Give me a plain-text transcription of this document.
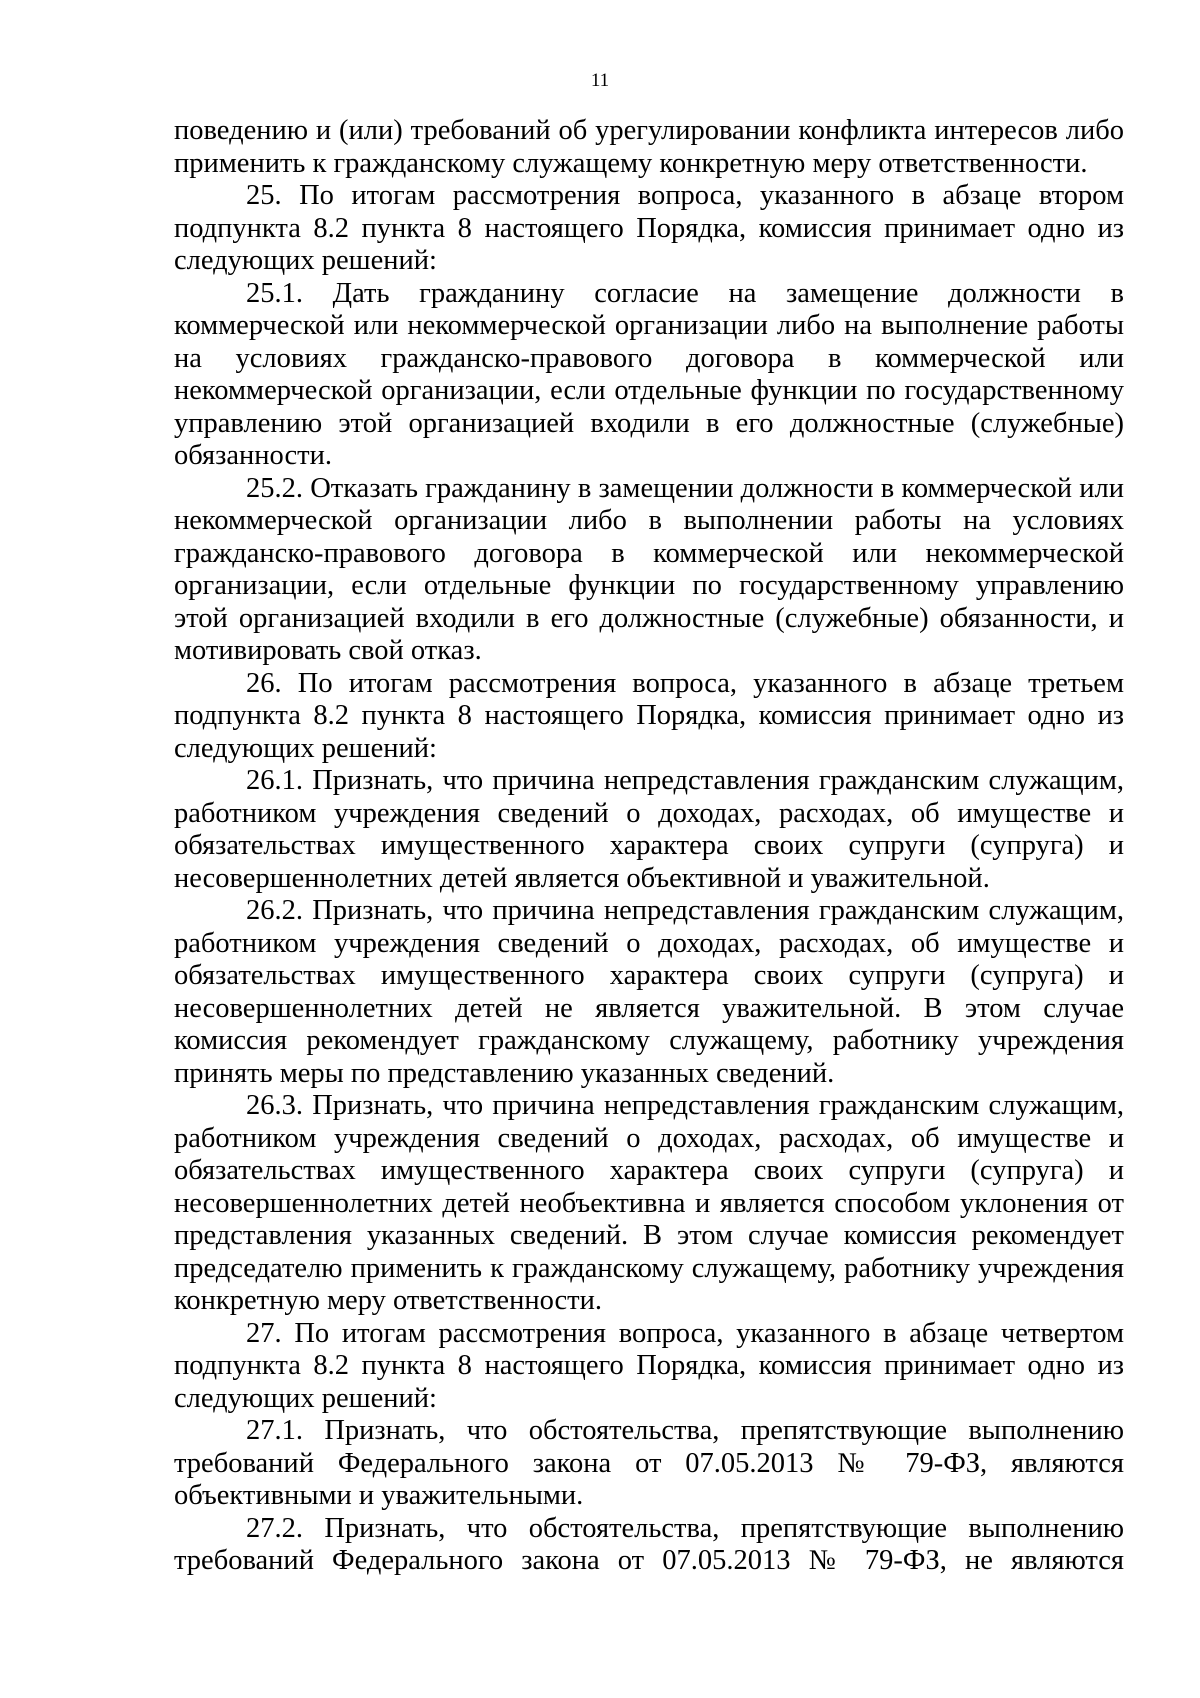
11

поведению и (или) требований об урегулировании конфликта интересов либо применить к гражданскому служащему конкретную меру ответственности.

25. По итогам рассмотрения вопроса, указанного в абзаце втором подпункта 8.2 пункта 8 настоящего Порядка, комиссия принимает одно из следующих решений:

25.1. Дать гражданину согласие на замещение должности в коммерческой или некоммерческой организации либо на выполнение работы на условиях гражданско-правового договора в коммерческой или некоммерческой организации, если отдельные функции по государственному управлению этой организацией входили в его должностные (служебные) обязанности.

25.2. Отказать гражданину в замещении должности в коммерческой или некоммерческой организации либо в выполнении работы на условиях гражданско-правового договора в коммерческой или некоммерческой организации, если отдельные функции по государственному управлению этой организацией входили в его должностные (служебные) обязанности, и мотивировать свой отказ.

26. По итогам рассмотрения вопроса, указанного в абзаце третьем подпункта 8.2 пункта 8 настоящего Порядка, комиссия принимает одно из следующих решений:

26.1. Признать, что причина непредставления гражданским служащим, работником учреждения сведений о доходах, расходах, об имуществе и обязательствах имущественного характера своих супруги (супруга) и несовершеннолетних детей является объективной и уважительной.

26.2. Признать, что причина непредставления гражданским служащим, работником учреждения сведений о доходах, расходах, об имуществе и обязательствах имущественного характера своих супруги (супруга) и несовершеннолетних детей не является уважительной. В этом случае комиссия рекомендует гражданскому служащему, работнику учреждения принять меры по представлению указанных сведений.

26.3. Признать, что причина непредставления гражданским служащим, работником учреждения сведений о доходах, расходах, об имуществе и обязательствах имущественного характера своих супруги (супруга) и несовершеннолетних детей необъективна и является способом уклонения от представления указанных сведений. В этом случае комиссия рекомендует председателю применить к гражданскому служащему, работнику учреждения конкретную меру ответственности.

27. По итогам рассмотрения вопроса, указанного в абзаце четвертом подпункта 8.2 пункта 8 настоящего Порядка, комиссия принимает одно из следующих решений:

27.1. Признать, что обстоятельства, препятствующие выполнению требований Федерального закона от 07.05.2013 № 79-ФЗ, являются объективными и уважительными.

27.2. Признать, что обстоятельства, препятствующие выполнению требований Федерального закона от 07.05.2013 № 79-ФЗ, не являются
